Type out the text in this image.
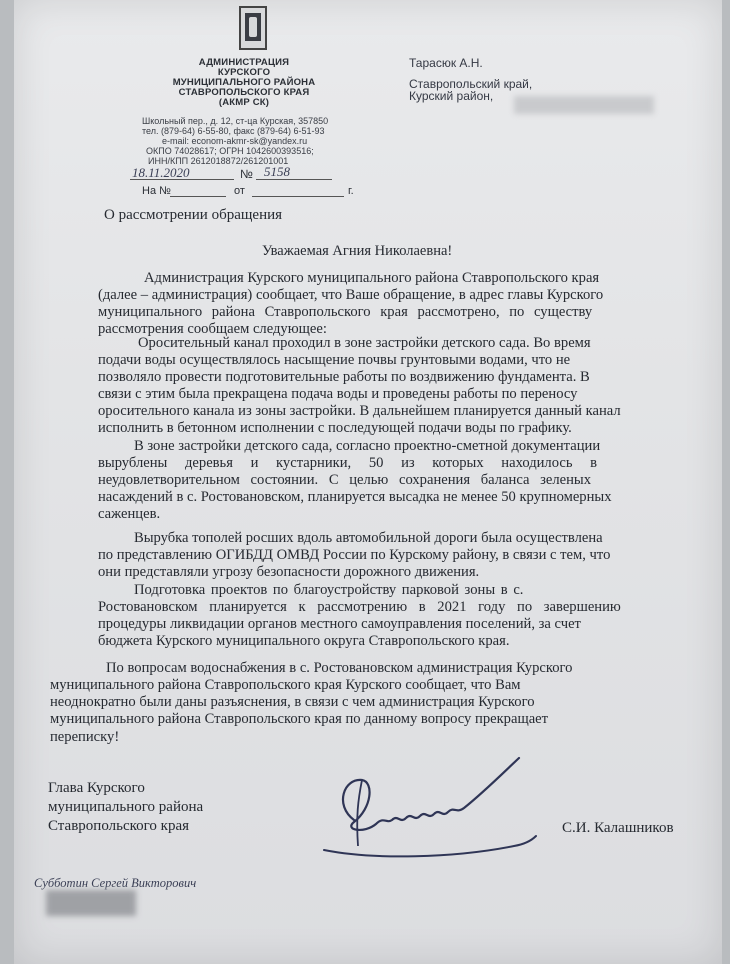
АДМИНИСТРАЦИЯ
КУРСКОГО
МУНИЦИПАЛЬНОГО РАЙОНА
СТАВРОПОЛЬСКОГО КРАЯ
(АКМР СК)
Школьный пер., д. 12, ст-ца Курская, 357850
тел. (879-64) 6-55-80, факс (879-64) 6-51-93
e-mail: econom-akmr-sk@yandex.ru
ОКПО 74028617; ОГРН 1042600393516;
ИНН/КПП 2612018872/261201001
18.11.2020	№ 5158
На №	от	г.
Тарасюк А.Н.
Ставропольский край,
Курский район,
О рассмотрении обращения
Уважаемая Агния Николаевна!
Администрация Курского муниципального района Ставропольского края
(далее – администрация) сообщает, что Ваше обращение, в адрес главы Курского
муниципального района Ставропольского края рассмотрено, по существу
рассмотрения сообщаем следующее:
Оросительный канал проходил в зоне застройки детского сада. Во время
подачи воды осуществлялось насыщение почвы грунтовыми водами, что не
позволяло провести подготовительные работы по воздвижению фундамента. В
связи с этим была прекращена подача воды и проведены работы по переносу
оросительного канала из зоны застройки. В дальнейшем планируется данный канал
исполнить в бетонном исполнении с последующей подачи воды по графику.
В зоне застройки детского сада, согласно проектно-сметной документации
вырублены деревья и кустарники, 50 из которых находилось в
неудовлетворительном состоянии. С целью сохранения баланса зеленых
насаждений в с. Ростовановском, планируется высадка не менее 50 крупномерных
саженцев.
Вырубка тополей росших вдоль автомобильной дороги была осуществлена
по представлению ОГИБДД ОМВД России по Курскому району, в связи с тем, что
они представляли угрозу безопасности дорожного движения.
Подготовка проектов по благоустройству парковой зоны в с.
Ростовановском планируется к рассмотрению в 2021 году по завершению
процедуры ликвидации органов местного самоуправления поселений, за счет
бюджета Курского муниципального округа Ставропольского края.
По вопросам водоснабжения в с. Ростовановском администрация Курского
муниципального района Ставропольского края Курского сообщает, что Вам
неоднократно были даны разъяснения, в связи с чем администрация Курского
муниципального района Ставропольского края по данному вопросу прекращает
переписку!
Глава Курского
муниципального района
Ставропольского края	С.И. Калашников
Субботин Сергей Викторович
